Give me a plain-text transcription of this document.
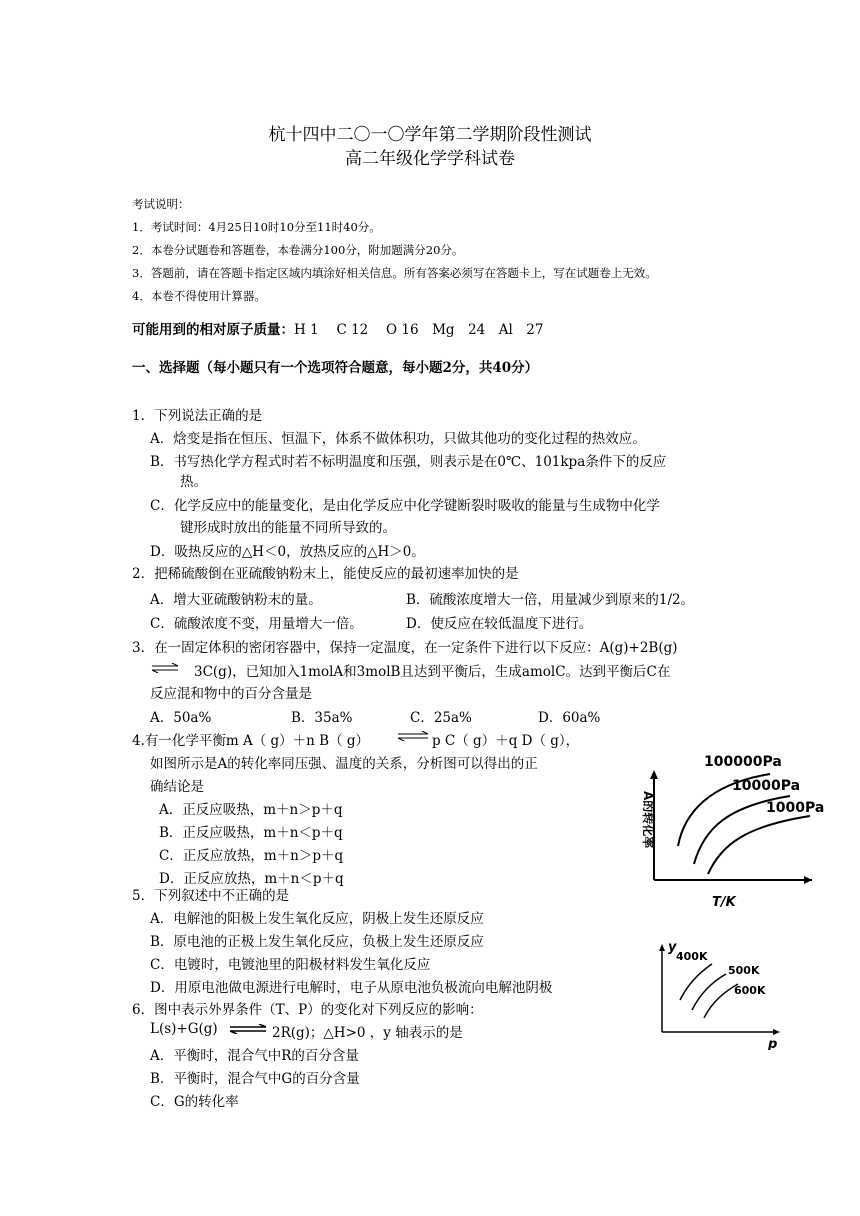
杭十四中二〇一〇学年第二学期阶段性测试
高二年级化学学科试卷
考试说明：
1．考试时间：4月25日10时10分至11时40分。
2．本卷分试题卷和答题卷，本卷满分100分，附加题满分20分。
3．答题前，请在答题卡指定区域内填涂好相关信息。所有答案必须写在答题卡上，写在试题卷上无效。
4．本卷不得使用计算器。
可能用到的相对原子质量：H 1　 C 12　 O 16　Mg　24　Al　27
一、选择题（每小题只有一个选项符合题意，每小题2分，共40分）
1．下列说法正确的是
A．焓变是指在恒压、恒温下，体系不做体积功，只做其他功的变化过程的热效应。
B．书写热化学方程式时若不标明温度和压强，则表示是在0℃、101kpa条件下的反应
热。
C．化学反应中的能量变化，是由化学反应中化学键断裂时吸收的能量与生成物中化学
键形成时放出的能量不同所导致的。
D．吸热反应的△H＜0，放热反应的△H＞0。
2．把稀硫酸倒在亚硫酸钠粉末上，能使反应的最初速率加快的是
A．增大亚硫酸钠粉末的量。	B．硫酸浓度增大一倍，用量减少到原来的1/2。
C．硫酸浓度不变，用量增大一倍。	D．使反应在较低温度下进行。
3．在一固定体积的密闭容器中，保持一定温度，在一定条件下进行以下反应：A(g)+2B(g)
⇌ 3C(g)，已知加入1molA和3molB且达到平衡后，生成amolC。达到平衡后C在
反应混和物中的百分含量是
A．50a%	B．35a%	C．25a%	D．60a%
4.有一化学平衡m A（ g）＋n B（ g） ⇌ p C（ g）＋q D（ g），
如图所示是A的转化率同压强、温度的关系，分析图可以得出的正
确结论是
A．正反应吸热，m＋n＞p＋q
B．正反应吸热，m＋n＜p＋q
C．正反应放热，m＋n＞p＋q
D．正反应放热，m＋n＜p＋q
A的转化率
T/K
100000Pa
10000Pa
1000Pa
5．下列叙述中不正确的是
A．电解池的阳极上发生氧化反应，阴极上发生还原反应
B．原电池的正极上发生氧化反应，负极上发生还原反应
C．电镀时，电镀池里的阳极材料发生氧化反应
D．用原电池做电源进行电解时，电子从原电池负极流向电解池阴极
y
p
400K
500K
600K
6．图中表示外界条件（T、P）的变化对下列反应的影响：
L(s)+G(g) ⇌ 2R(g)；△H>0 ，y 轴表示的是
A．平衡时，混合气中R的百分含量
B．平衡时，混合气中G的百分含量
C．G的转化率
